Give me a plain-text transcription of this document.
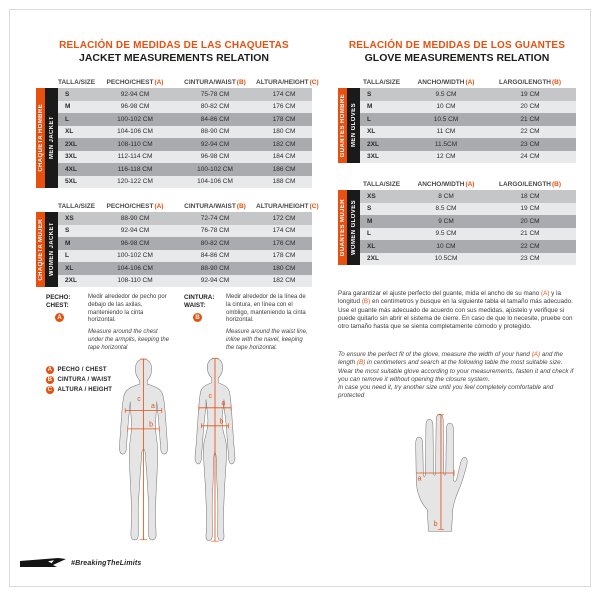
RELACIÓN DE MEDIDAS DE LAS CHAQUETAS
JACKET MEASUREMENTS RELATION
TALLA/SIZE	PECHO/CHEST(A)	CINTURA/WAIST(B)	ALTURA/HEIGHT(C)
CHAQUETA HOMBRE MEN JACKET
S	92-94 CM	75-78 CM	174 CM
M	96-98 CM	80-82 CM	176 CM
L	100-102 CM	84-86 CM	178 CM
XL	104-106 CM	88-90 CM	180 CM
2XL	108-110 CM	92-94 CM	182 CM
3XL	112-114 CM	96-98 CM	184 CM
4XL	116-118 CM	100-102 CM	186 CM
5XL	120-122 CM	104-106 CM	188 CM
TALLA/SIZE	PECHO/CHEST(A)	CINTURA/WAIST(B)	ALTURA/HEIGHT(C)
CHAQUETA MUJER WOMEN JACKET
XS	88-90 CM	72-74 CM	172 CM
S	92-94 CM	76-78 CM	174 CM
M	96-98 CM	80-82 CM	176 CM
L	100-102 CM	84-86 CM	178 CM
XL	104-106 CM	88-90 CM	180 CM
2XL	108-110 CM	92-94 CM	182 CM
PECHO:
CHEST:
A

Medir alrededor de pecho por debajo de las axilas, manteniendo la cinta horizontal.

Measure around the chest under the armpits, keeping the tape horizontal

CINTURA:
WAIST:
B

Medir alrededor de la línea de la cintura, en línea con el ombligo, manteniendo la cinta horizontal.

Measure around the waist line, inline with the navel, keeping the tape horizontal.

A PECHO / CHEST
B CINTURA / WAIST
C ALTURA / HEIGHT
c
a
b
c
a
b
RELACIÓN DE MEDIDAS DE LOS GUANTES
GLOVE MEASUREMENTS RELATION
TALLA/SIZE	ANCHO/WIDTH(A)	LARGO/LENGTH(B)
GUANTES HOMBRE MEN GLOVES
S	9.5 CM	19 CM
M	10 CM	20 CM
L	10.5 CM	21 CM
XL	11 CM	22 CM
2XL	11.5CM	23 CM
3XL	12 CM	24 CM
TALLA/SIZE	ANCHO/WIDTH(A)	LARGO/LENGTH(B)
GUANTES MUJER WOMEN GLOVES
XS	8 CM	18 CM
S	8.5 CM	19 CM
M	9 CM	20 CM
L	9.5 CM	21 CM
XL	10 CM	22 CM
2XL	10.5CM	23 CM

Para garantizar el ajuste perfecto del guante, mida el ancho de su mano (A) y la longitud (B) en centímetros y busque en la siguiente tabla el tamaño más adecuado.

Use el guante más adecuado de acuerdo con sus medidas, ajústelo y verifique si puede quitarlo sin abrir el sistema de cierre. En caso de que lo necesite, pruebe con otro tamaño hasta que se sienta completamente cómodo y protegido.

To ensure the perfect fit of the glove, measure the width of your hand (A) and the length (B) in centimeters and search at the following table the most suitable size. Wear the most suitable glove according to your measurements, fasten it and check if you can remove it without opening the closure system.

In case you need it, try another size until you feel completely comfortable and protected

a
b
#BreakingTheLimits
